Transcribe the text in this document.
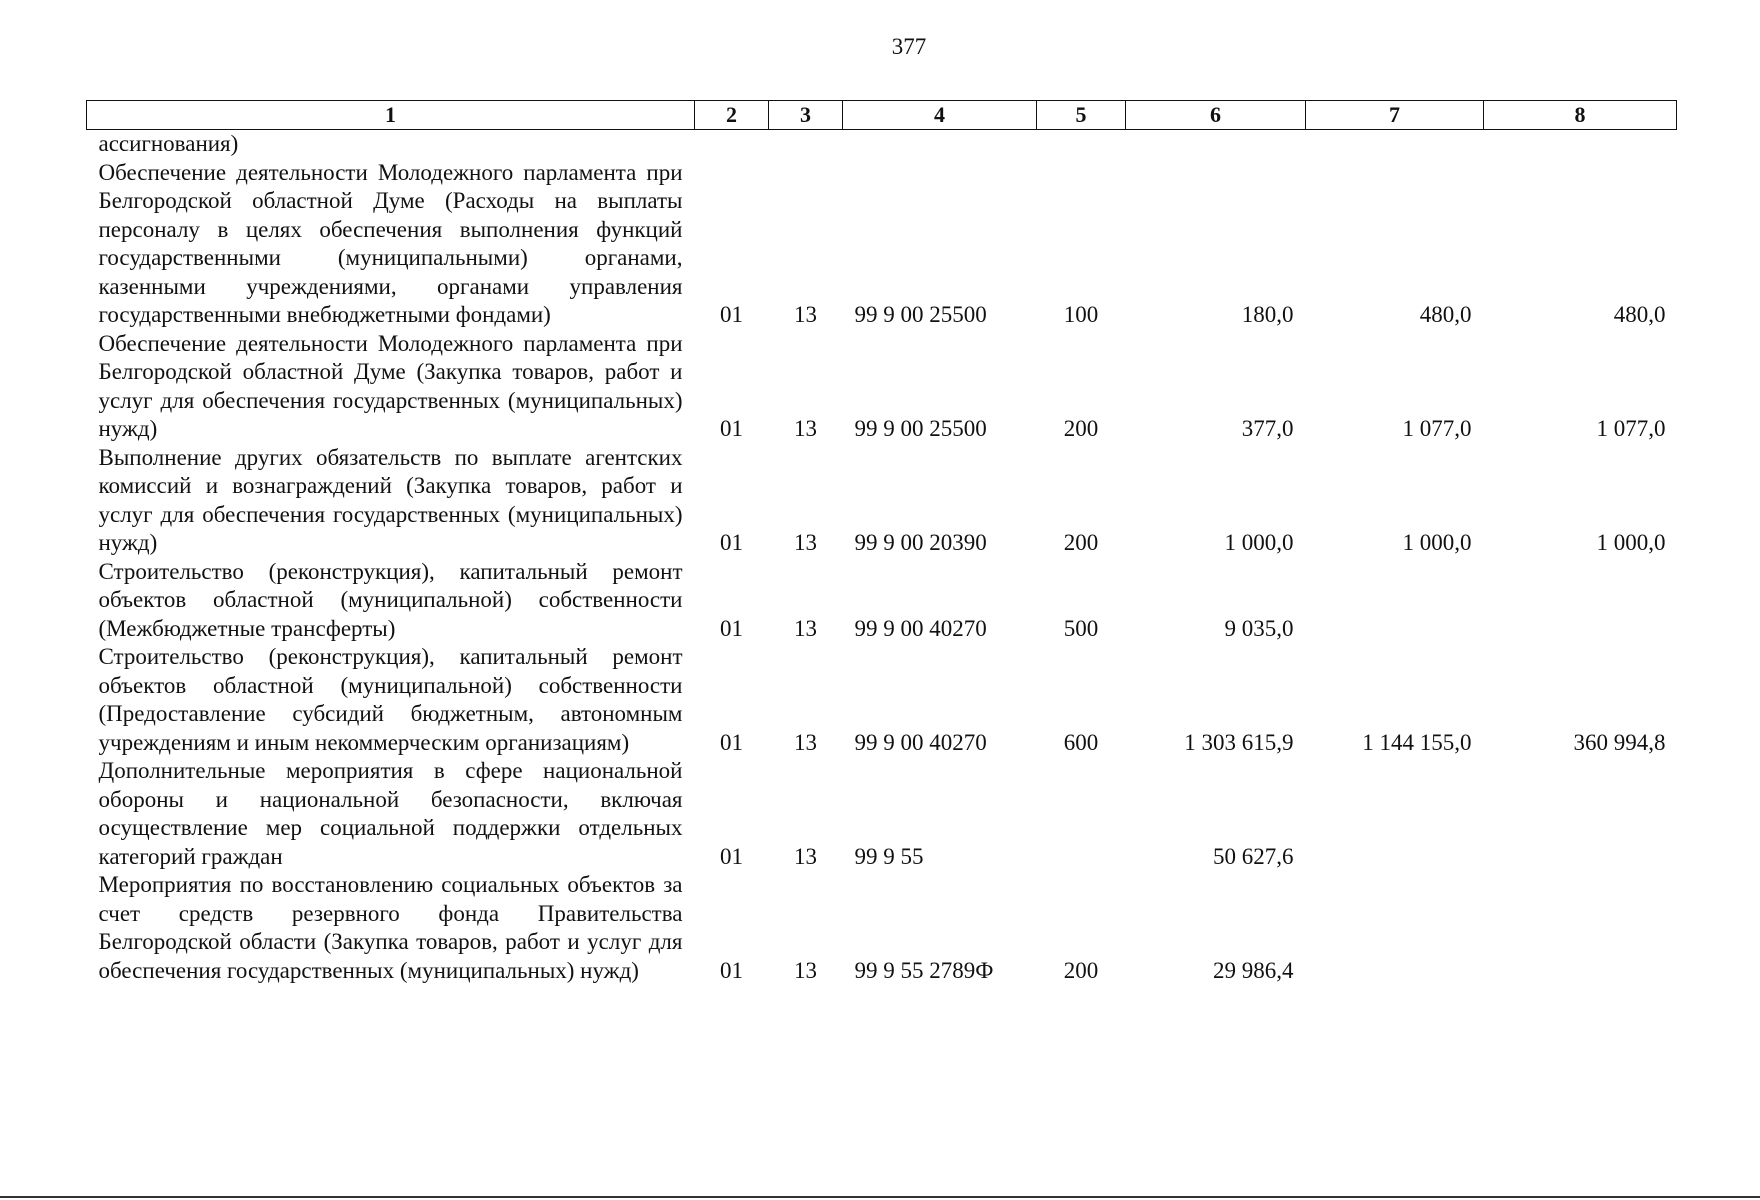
377
1	2	3	4	5	6	7	8
ассигнования)							
Обеспечение деятельности Молодежного парламента при Белгородской областной Думе (Расходы на выплаты персоналу в целях обеспечения выполнения функций государственными (муниципальными) органами, казенными учреждениями, органами управления государственными внебюджетными фондами)	01	13	99 9 00 25500	100	180,0	480,0	480,0
Обеспечение деятельности Молодежного парламента при Белгородской областной Думе (Закупка товаров, работ и услуг для обеспечения государственных (муниципальных) нужд)	01	13	99 9 00 25500	200	377,0	1 077,0	1 077,0
Выполнение других обязательств по выплате агентских комиссий и вознаграждений (Закупка товаров, работ и услуг для обеспечения государственных (муниципальных) нужд)	01	13	99 9 00 20390	200	1 000,0	1 000,0	1 000,0
Строительство (реконструкция), капитальный ремонт объектов областной (муниципальной) собственности (Межбюджетные трансферты)	01	13	99 9 00 40270	500	9 035,0		
Строительство (реконструкция), капитальный ремонт объектов областной (муниципальной) собственности (Предоставление субсидий бюджетным, автономным учреждениям и иным некоммерческим организациям)	01	13	99 9 00 40270	600	1 303 615,9	1 144 155,0	360 994,8
Дополнительные мероприятия в сфере национальной обороны и национальной безопасности, включая осуществление мер социальной поддержки отдельных категорий граждан	01	13	99 9 55		50 627,6		
Мероприятия по восстановлению социальных объектов за счет средств резервного фонда Правительства Белгородской области (Закупка товаров, работ и услуг для обеспечения государственных (муниципальных) нужд)	01	13	99 9 55 2789Ф	200	29 986,4		
